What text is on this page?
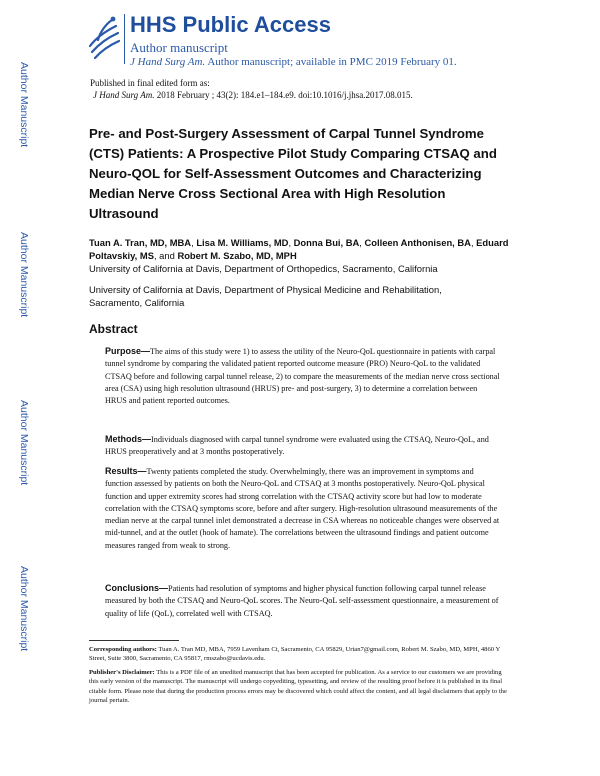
Author Manuscript
Author Manuscript
Author Manuscript
Author Manuscript
HHS Public Access
Author manuscript
J Hand Surg Am. Author manuscript; available in PMC 2019 February 01.
Published in final edited form as:
J Hand Surg Am. 2018 February ; 43(2): 184.e1–184.e9. doi:10.1016/j.jhsa.2017.08.015.
Pre- and Post-Surgery Assessment of Carpal Tunnel Syndrome (CTS) Patients: A Prospective Pilot Study Comparing CTSAQ and Neuro-QOL for Self-Assessment Outcomes and Characterizing Median Nerve Cross Sectional Area with High Resolution Ultrasound
Tuan A. Tran, MD, MBA, Lisa M. Williams, MD, Donna Bui, BA, Colleen Anthonisen, BA, Eduard Poltavskiy, MS, and Robert M. Szabo, MD, MPH
University of California at Davis, Department of Orthopedics, Sacramento, California
University of California at Davis, Department of Physical Medicine and Rehabilitation, Sacramento, California
Abstract
Purpose—The aims of this study were 1) to assess the utility of the Neuro-QoL questionnaire in patients with carpal tunnel syndrome by comparing the validated patient reported outcome measure (PRO) Neuro-QoL to the validated CTSAQ before and following carpal tunnel release, 2) to compare the measurements of the median nerve cross sectional area (CSA) using high resolution ultrasound (HRUS) pre- and post-surgery, 3) to determine a correlation between HRUS and patient reported outcomes.
Methods—Individuals diagnosed with carpal tunnel syndrome were evaluated using the CTSAQ, Neuro-QoL, and HRUS preoperatively and at 3 months postoperatively.
Results—Twenty patients completed the study. Overwhelmingly, there was an improvement in symptoms and function assessed by patients on both the Neuro-QoL and CTSAQ at 3 months postoperatively. Neuro-QoL physical function and upper extremity scores had strong correlation with the CTSAQ activity score but had low to moderate correlation with the CTSAQ symptoms score, before and after surgery. High-resolution ultrasound measurements of the median nerve at the carpal tunnel inlet demonstrated a decrease in CSA whereas no noticeable changes were observed at mid-tunnel, and at the outlet (hook of hamate). The correlations between the ultrasound findings and patient outcome measures ranged from weak to strong.
Conclusions—Patients had resolution of symptoms and higher physical function following carpal tunnel release measured by both the CTSAQ and Neuro-QoL scores. The Neuro-QoL self-assessment questionnaire, a measurement of quality of life (QoL), correlated well with CTSAQ.
Corresponding authors: Tuan A. Tran MD, MBA, 7959 Lavenham Ct, Sacramento, CA 95829, Urtan7@gmail.com, Robert M. Szabo, MD, MPH, 4860 Y Street, Suite 3800, Sacramento, CA 95817, rmszabo@ucdavis.edu.
Publisher's Disclaimer: This is a PDF file of an unedited manuscript that has been accepted for publication. As a service to our customers we are providing this early version of the manuscript. The manuscript will undergo copyediting, typesetting, and review of the resulting proof before it is published in its final citable form. Please note that during the production process errors may be discovered which could affect the content, and all legal disclaimers that apply to the journal pertain.
